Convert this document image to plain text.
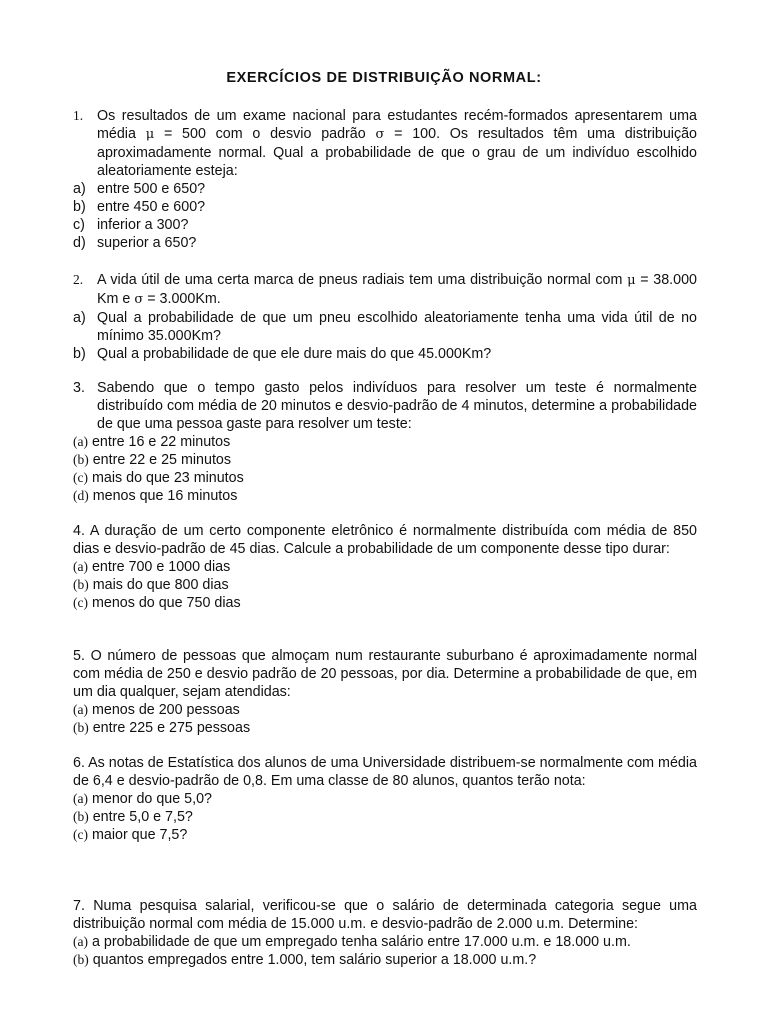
EXERCÍCIOS DE DISTRIBUIÇÃO NORMAL:
1. Os resultados de um exame nacional para estudantes recém-formados apresentarem uma média μ = 500 com o desvio padrão σ = 100. Os resultados têm uma distribuição aproximadamente normal. Qual a probabilidade de que o grau de um indivíduo escolhido aleatoriamente esteja:
a) entre 500 e 650?
b) entre 450 e 600?
c) inferior a 300?
d) superior a 650?
2. A vida útil de uma certa marca de pneus radiais tem uma distribuição normal com μ = 38.000 Km e σ = 3.000Km.
a) Qual a probabilidade de que um pneu escolhido aleatoriamente tenha uma vida útil de no mínimo 35.000Km?
b) Qual a probabilidade de que ele dure mais do que 45.000Km?
3. Sabendo que o tempo gasto pelos indivíduos para resolver um teste é normalmente distribuído com média de 20 minutos e desvio-padrão de 4 minutos, determine a probabilidade de que uma pessoa gaste para resolver um teste:
(a) entre 16 e 22 minutos
(b) entre 22 e 25 minutos
(c) mais do que 23 minutos
(d) menos que 16 minutos
4. A duração de um certo componente eletrônico é normalmente distribuída com média de 850 dias e desvio-padrão de 45 dias. Calcule a probabilidade de um componente desse tipo durar:
(a) entre 700 e 1000 dias
(b) mais do que 800 dias
(c) menos do que 750 dias
5. O número de pessoas que almoçam num restaurante suburbano é aproximadamente normal com média de 250 e desvio padrão de 20 pessoas, por dia. Determine a probabilidade de que, em um dia qualquer, sejam atendidas:
(a) menos de 200 pessoas
(b) entre 225 e 275 pessoas
6. As notas de Estatística dos alunos de uma Universidade distribuem-se normalmente com média de 6,4 e desvio-padrão de 0,8. Em uma classe de 80 alunos, quantos terão nota:
(a) menor do que 5,0?
(b) entre 5,0 e 7,5?
(c) maior que 7,5?
7. Numa pesquisa salarial, verificou-se que o salário de determinada categoria segue uma distribuição normal com média de 15.000 u.m. e desvio-padrão de 2.000 u.m. Determine:
(a) a probabilidade de que um empregado tenha salário entre 17.000 u.m. e 18.000 u.m.
(b) quantos empregados entre 1.000, tem salário superior a 18.000 u.m.?
